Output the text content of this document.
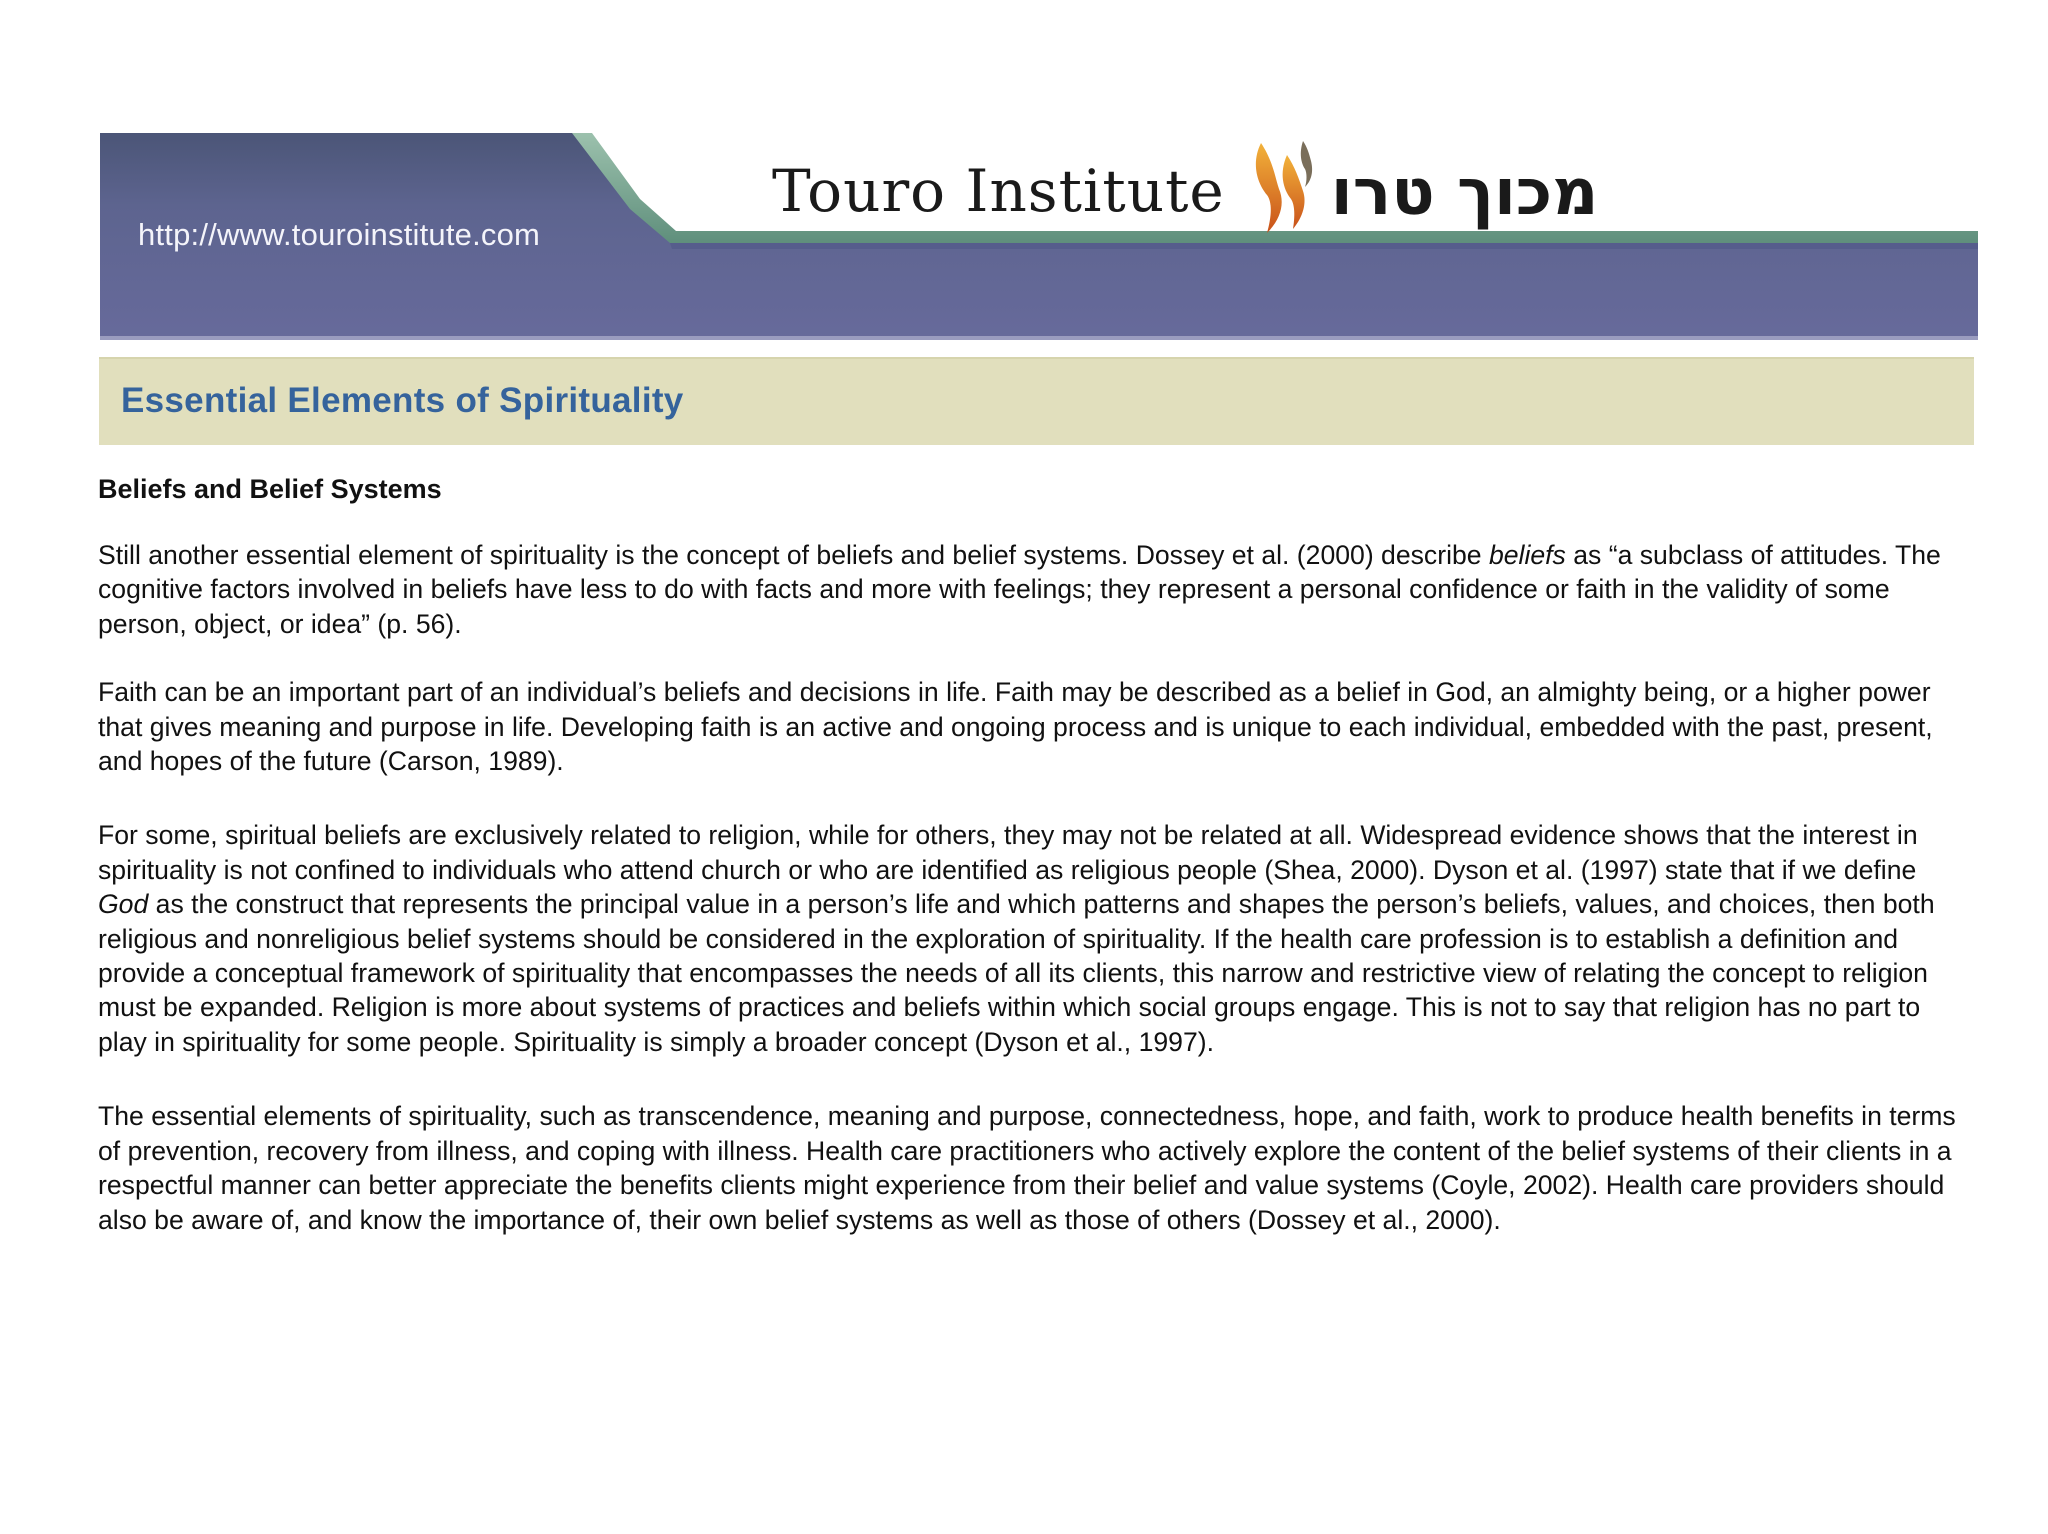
http://www.touroinstitute.com
Touro Institute מכוך טרו
Essential Elements of Spirituality
Beliefs and Belief Systems

Still another essential element of spirituality is the concept of beliefs and belief systems. Dossey et al. (2000) describe beliefs as “a subclass of attitudes. The cognitive factors involved in beliefs have less to do with facts and more with feelings; they represent a personal confidence or faith in the validity of some person, object, or idea” (p. 56).

Faith can be an important part of an individual’s beliefs and decisions in life. Faith may be described as a belief in God, an almighty being, or a higher power that gives meaning and purpose in life. Developing faith is an active and ongoing process and is unique to each individual, embedded with the past, present, and hopes of the future (Carson, 1989).

For some, spiritual beliefs are exclusively related to religion, while for others, they may not be related at all. Widespread evidence shows that the interest in spirituality is not confined to individuals who attend church or who are identified as religious people (Shea, 2000). Dyson et al. (1997) state that if we define God as the construct that represents the principal value in a person’s life and which patterns and shapes the person’s beliefs, values, and choices, then both religious and nonreligious belief systems should be considered in the exploration of spirituality. If the health care profession is to establish a definition and provide a conceptual framework of spirituality that encompasses the needs of all its clients, this narrow and restrictive view of relating the concept to religion must be expanded. Religion is more about systems of practices and beliefs within which social groups engage. This is not to say that religion has no part to play in spirituality for some people. Spirituality is simply a broader concept (Dyson et al., 1997).

The essential elements of spirituality, such as transcendence, meaning and purpose, connectedness, hope, and faith, work to produce health benefits in terms of prevention, recovery from illness, and coping with illness. Health care practitioners who actively explore the content of the belief systems of their clients in a respectful manner can better appreciate the benefits clients might experience from their belief and value systems (Coyle, 2002). Health care providers should also be aware of, and know the importance of, their own belief systems as well as those of others (Dossey et al., 2000).
